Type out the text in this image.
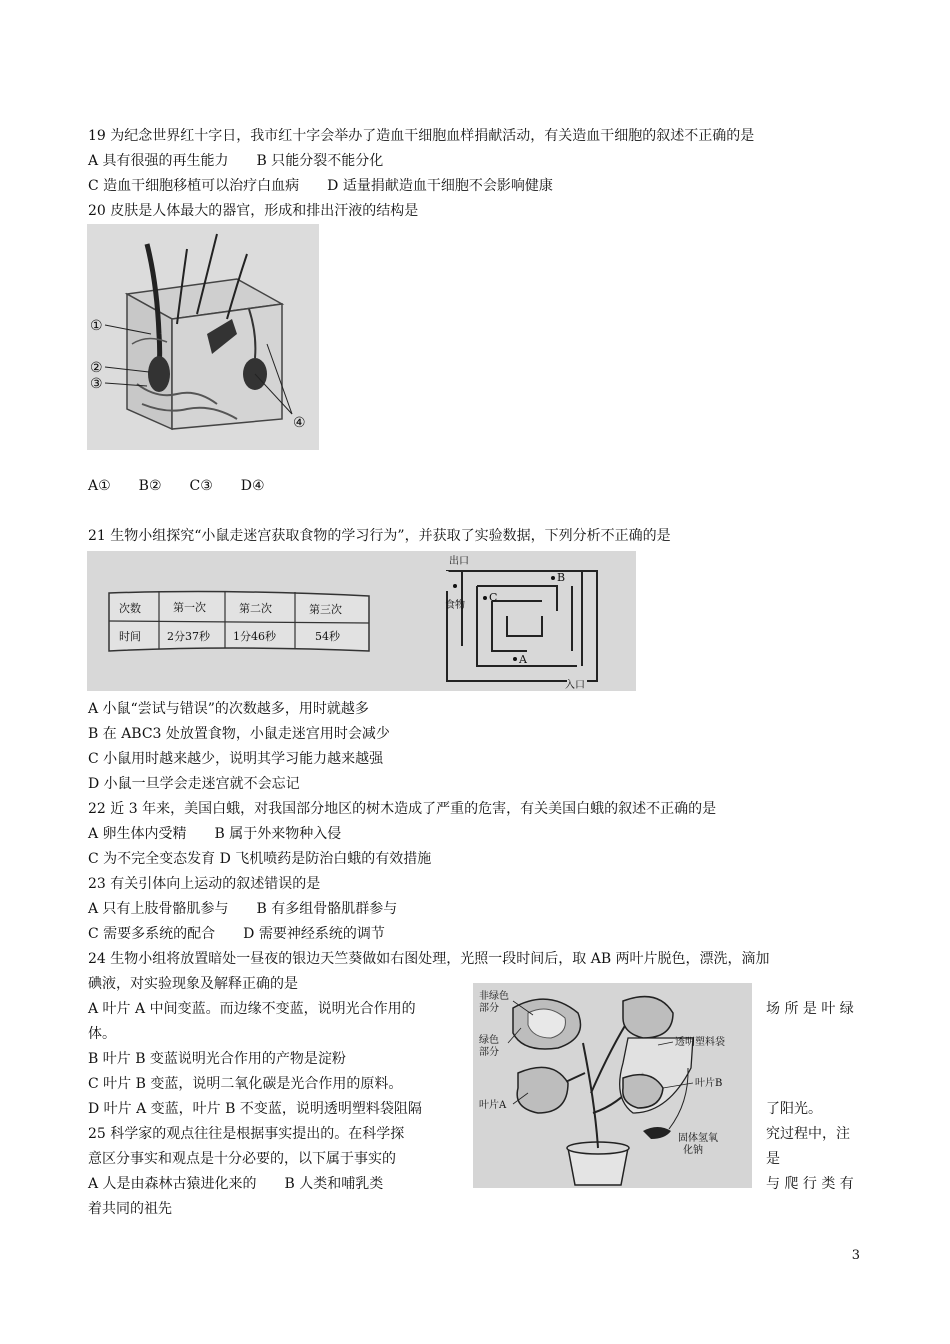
19 为纪念世界红十字日，我市红十字会举办了造血干细胞血样捐献活动，有关造血干细胞的叙述不正确的是
A 具有很强的再生能力　　B 只能分裂不能分化
C 造血干细胞移植可以治疗白血病　　D 适量捐献造血干细胞不会影响健康
20 皮肤是人体最大的器官，形成和排出汗液的结构是
①
②
③
④
A①　　B②　　C③　　D④
21 生物小组探究“小鼠走迷宫获取食物的学习行为”，并获取了实验数据，下列分析不正确的是
次数	第一次	第二次	第三次
时间 2分37秒 1分46秒	54秒
出口
食物
入口
A
B
C
A 小鼠“尝试与错误”的次数越多，用时就越多
B 在 ABC3 处放置食物，小鼠走迷宫用时会减少
C 小鼠用时越来越少，说明其学习能力越来越强
D 小鼠一旦学会走迷宫就不会忘记
22 近 3 年来，美国白蛾，对我国部分地区的树木造成了严重的危害，有关美国白蛾的叙述不正确的是
A 卵生体内受精　　B 属于外来物种入侵
C 为不完全变态发育 D 飞机喷药是防治白蛾的有效措施
23 有关引体向上运动的叙述错误的是
A 只有上肢骨骼肌参与　　B 有多组骨骼肌群参与
C 需要多系统的配合　　D 需要神经系统的调节
24 生物小组将放置暗处一昼夜的银边天竺葵做如右图处理，光照一段时间后，取 AB 两叶片脱色，漂洗，滴加
碘液，对实验现象及解释正确的是
A 叶片 A 中间变蓝。而边缘不变蓝，说明光合作用的	场 所 是 叶 绿
体。
B 叶片 B 变蓝说明光合作用的产物是淀粉
C 叶片 B 变蓝，说明二氧化碳是光合作用的原料。
D 叶片 A 变蓝，叶片 B 不变蓝，说明透明塑料袋阻隔	了阳光。
非绿色部分
绿色部分
叶片A
透明塑料袋
叶片B
固体氢氧化钠
25 科学家的观点往往是根据事实提出的。在科学探	究过程中，注
意区分事实和观点是十分必要的，以下属于事实的	是
A 人是由森林古猿进化来的　　B 人类和哺乳类	与 爬 行 类 有
着共同的祖先
3
